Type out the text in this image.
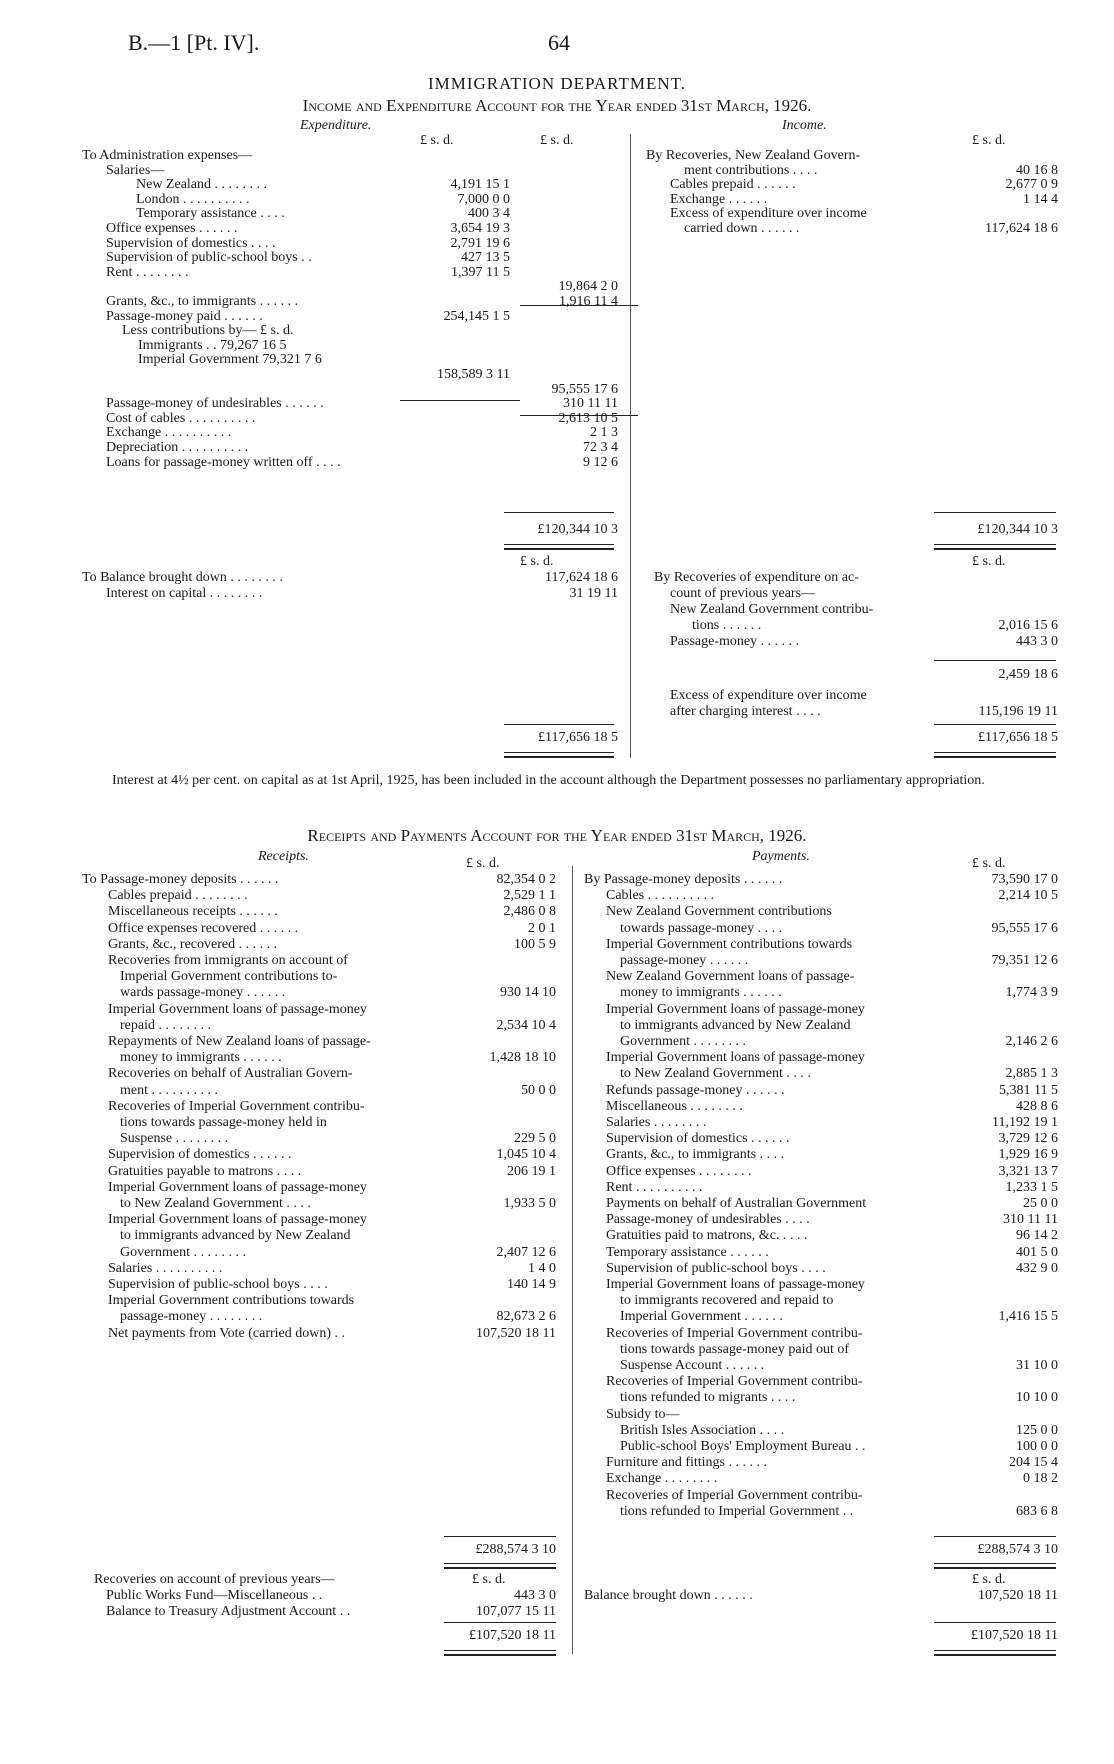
B.—1 [Pt. IV].	64
IMMIGRATION DEPARTMENT.
Income and Expenditure Account for the Year ended 31st March, 1926.
Expenditure.	Income.
£ s. d.	£ s. d.	£ s. d.
To Administration expenses—
Salaries—
New Zealand . . . . . . . .	4,191 15 1
London . . . . . . . . . .	7,000 0 0
Temporary assistance . . . .	400 3 4
Office expenses . . . . . .	3,654 19 3
Supervision of domestics . . . .	2,791 19 6
Supervision of public-school boys . .	427 13 5
Rent . . . . . . . .	1,397 11 5
19,864 2 0
Grants, &c., to immigrants . . . . . .	1,916 11 4
Passage-money paid . . . . . .	254,145 1 5
Less contributions by— £ s. d.
Immigrants . . 79,267 16 5
Imperial Government 79,321 7 6
158,589 3 11
95,555 17 6
Passage-money of undesirables . . . . . .	310 11 11
Cost of cables . . . . . . . . . .	2,613 10 5
Exchange . . . . . . . . . .	2 1 3
Depreciation . . . . . . . . . .	72 3 4
Loans for passage-money written off . . . .	9 12 6
By Recoveries, New Zealand Govern-
ment contributions . . . .	40 16 8
Cables prepaid . . . . . .	2,677 0 9
Exchange . . . . . .	1 14 4
Excess of expenditure over income
carried down . . . . . .	117,624 18 6
£120,344 10 3	£120,344 10 3
£ s. d.	£ s. d.
To Balance brought down . . . . . . . .	117,624 18 6
Interest on capital . . . . . . . .	31 19 11
By Recoveries of expenditure on ac-
count of previous years—
New Zealand Government contribu-
tions . . . . . .	2,016 15 6
Passage-money . . . . . .	443 3 0
2,459 18 6
Excess of expenditure over income
after charging interest . . . .	115,196 19 11
£117,656 18 5	£117,656 18 5
Interest at 4½ per cent. on capital as at 1st April, 1925, has been included in the account although the Department possesses no parliamentary appropriation.
Receipts and Payments Account for the Year ended 31st March, 1926.
Receipts.	Payments.
£ s. d.	£ s. d.
To Passage-money deposits . . . . . .	82,354 0 2
Cables prepaid . . . . . . . .	2,529 1 1
Miscellaneous receipts . . . . . .	2,486 0 8
Office expenses recovered . . . . . .	2 0 1
Grants, &c., recovered . . . . . .	100 5 9
Recoveries from immigrants on account of
Imperial Government contributions to-
wards passage-money . . . . . .	930 14 10
Imperial Government loans of passage-money
repaid . . . . . . . .	2,534 10 4
Repayments of New Zealand loans of passage-
money to immigrants . . . . . .	1,428 18 10
Recoveries on behalf of Australian Govern-
ment . . . . . . . . . .	50 0 0
Recoveries of Imperial Government contribu-
tions towards passage-money held in
Suspense . . . . . . . .	229 5 0
Supervision of domestics . . . . . .	1,045 10 4
Gratuities payable to matrons . . . .	206 19 1
Imperial Government loans of passage-money
to New Zealand Government . . . .	1,933 5 0
Imperial Government loans of passage-money
to immigrants advanced by New Zealand
Government . . . . . . . .	2,407 12 6
Salaries . . . . . . . . . .	1 4 0
Supervision of public-school boys . . . .	140 14 9
Imperial Government contributions towards
passage-money . . . . . . . .	82,673 2 6
Net payments from Vote (carried down) . .	107,520 18 11
By Passage-money deposits . . . . . .	73,590 17 0
Cables . . . . . . . . . .	2,214 10 5
New Zealand Government contributions
towards passage-money . . . .	95,555 17 6
Imperial Government contributions towards
passage-money . . . . . .	79,351 12 6
New Zealand Government loans of passage-
money to immigrants . . . . . .	1,774 3 9
Imperial Government loans of passage-money
to immigrants advanced by New Zealand
Government . . . . . . . .	2,146 2 6
Imperial Government loans of passage-money
to New Zealand Government . . . .	2,885 1 3
Refunds passage-money . . . . . .	5,381 11 5
Miscellaneous . . . . . . . .	428 8 6
Salaries . . . . . . . .	11,192 19 1
Supervision of domestics . . . . . .	3,729 12 6
Grants, &c., to immigrants . . . .	1,929 16 9
Office expenses . . . . . . . .	3,321 13 7
Rent . . . . . . . . . .	1,233 1 5
Payments on behalf of Australian Government	25 0 0
Passage-money of undesirables . . . .	310 11 11
Gratuities paid to matrons, &c. . . . .	96 14 2
Temporary assistance . . . . . .	401 5 0
Supervision of public-school boys . . . .	432 9 0
Imperial Government loans of passage-money
to immigrants recovered and repaid to
Imperial Government . . . . . .	1,416 15 5
Recoveries of Imperial Government contribu-
tions towards passage-money paid out of
Suspense Account . . . . . .	31 10 0
Recoveries of Imperial Government contribu-
tions refunded to migrants . . . .	10 10 0
Subsidy to—
British Isles Association . . . .	125 0 0
Public-school Boys' Employment Bureau . .	100 0 0
Furniture and fittings . . . . . .	204 15 4
Exchange . . . . . . . .	0 18 2
Recoveries of Imperial Government contribu-
tions refunded to Imperial Government . .	683 6 8
£288,574 3 10	£288,574 3 10
£ s. d.	£ s. d.
Recoveries on account of previous years—
Public Works Fund—Miscellaneous . .	443 3 0
Balance to Treasury Adjustment Account . .	107,077 15 11
Balance brought down . . . . . .	107,520 18 11
£107,520 18 11	£107,520 18 11
